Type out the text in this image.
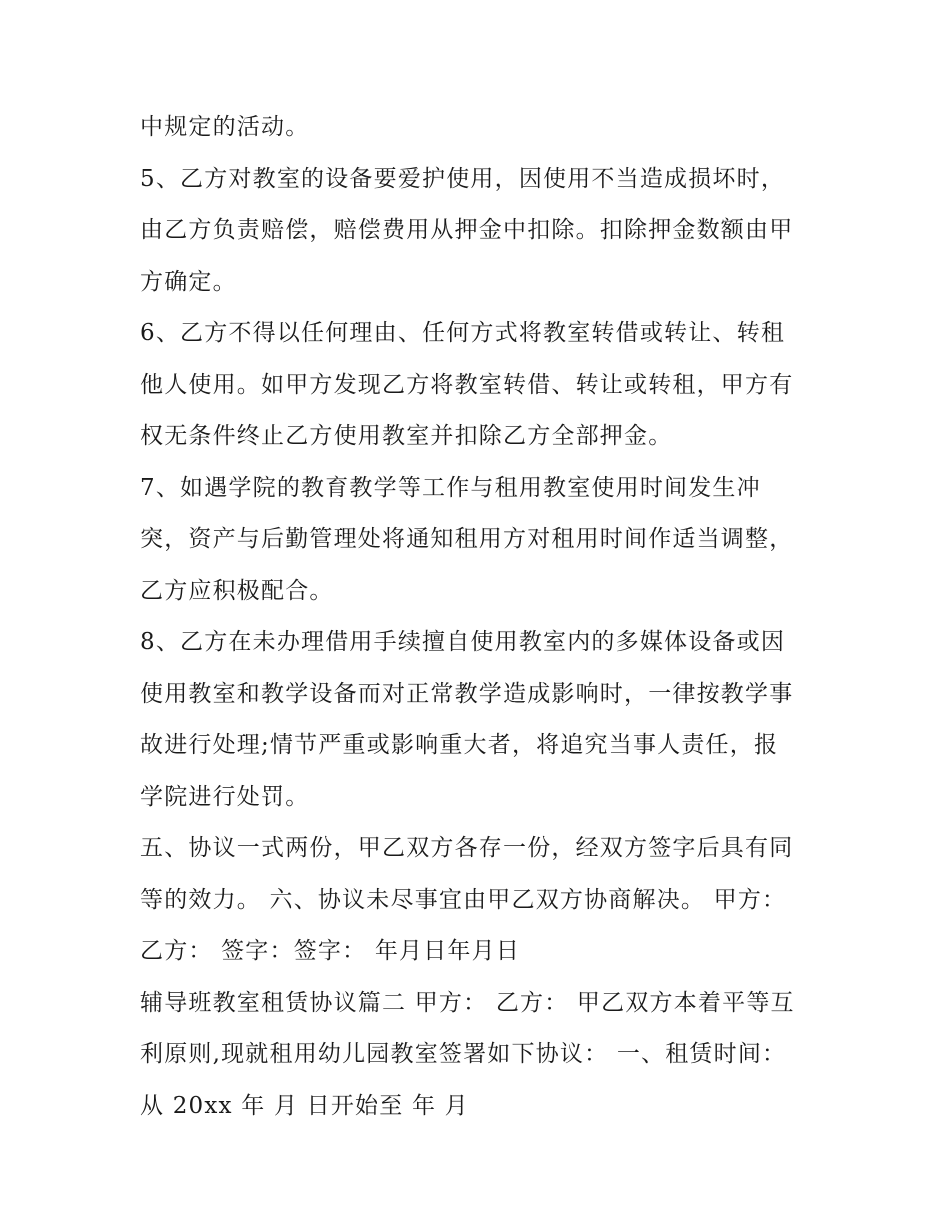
中规定的活动。
5、乙方对教室的设备要爱护使用，因使用不当造成损坏时，
由乙方负责赔偿，赔偿费用从押金中扣除。扣除押金数额由甲
方确定。
6、乙方不得以任何理由、任何方式将教室转借或转让、转租
他人使用。如甲方发现乙方将教室转借、转让或转租，甲方有
权无条件终止乙方使用教室并扣除乙方全部押金。
7、如遇学院的教育教学等工作与租用教室使用时间发生冲
突，资产与后勤管理处将通知租用方对租用时间作适当调整，
乙方应积极配合。
8、乙方在未办理借用手续擅自使用教室内的多媒体设备或因
使用教室和教学设备而对正常教学造成影响时，一律按教学事
故进行处理;情节严重或影响重大者，将追究当事人责任，报
学院进行处罚。
五、协议一式两份，甲乙双方各存一份，经双方签字后具有同
等的效力。 六、协议未尽事宜由甲乙双方协商解决。 甲方：
乙方： 签字：签字： 年月日年月日
辅导班教室租赁协议篇二 甲方： 乙方： 甲乙双方本着平等互
利原则,现就租用幼儿园教室签署如下协议： 一、租赁时间：
从 20xx 年 月 日开始至 年 月
